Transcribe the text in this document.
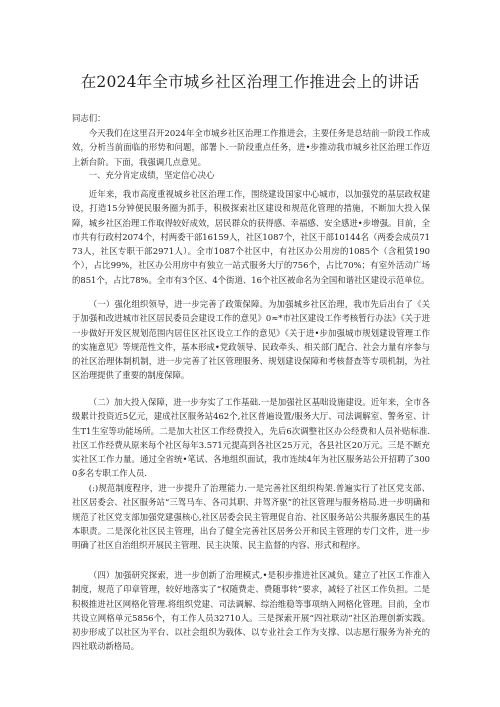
在2024年全市城乡社区治理工作推进会上的讲话
同志们：

今天我们在这里召开2024年全市城乡社区治理工作推进会，主要任务是总结前一阶段工作成效，分析当前面临的形势和问题，部署卜.一阶段重点任务，进•步推动我市城乡社区治理工作迈上新台阶。下面，我强调几点意见。

一、充分肯定成绩，坚定信心决心

近年来，我市高度重视城乡社区治理工作，围绕建设国家中心城市，以加强党的基层政权建设，打造15分钟便民服务圈为抓手，积极探索社区建设和规范化管理的措施，不断加大投入保障，城乡社区治理工作取得较好成效，居民群众的获得感、幸福感、安全感进•步增强。目前，全市共有行政村2074个，村两委干部16159人，社区1087个，社区干部10144名（两委会成员7173人，社区专职干部2971人）。全市1087个社区中，有社区办公用房的1085个（含租赁190个），占比99%，社区办公用房中有独立一站式服务大厅的756个，占比70%；有室外活动广场的851个，占比78%。全市有3个区、4个街道、16个社区被命名为全国和谐社区建设示范单位。

（一）强化组织领导，进一步完善了政策保障。为加强城乡社区治理，我市先后出台了《关于加强和改进城市社区居民委员会建设工作的意见》0≈*市社区建设工作考核暂行办法》《关于进一步做好开发区规划范围内居住区社区设立工作的意见》《关于进•步加强城市规划建设管理工作的实施意见》等规范性文件，基本形成•党政领导、民政牵头、相关部门配合、社会力量有序参与的社区治理体制机制，进一步完善了社区管理服务、规划建设保障和考核督查等专项机制，为社区治理提供了重要的制度保障。

（二）加大投入保障，进一步夯实了工作基础.一是加强社区基咄设施建设。近年来，全市各级累计投资近5亿元，建成社区服务站462个,社区普遍设置/服务大厅、司法调解室、警务室、计生T1生室等功能场所。二是加大社区工作经费投入，先后6次调整社区办公经费和人员补贴标准.社区工作经费从原来每个社区每年3.571元提高到各社区25万元，各县社区20万元。三是不断充实社区工作力量。通过全省统•笔试、各地组织面试，我市连续4年为社区服务站公开招聘了3000多名专职工作人员.

(:)规范制度程序，进一步提升了治理能力.一是完善社区组织构架.普遍实行了社区党支部、社区居委会、社区服务站“三驾马车、各司其职、并驾齐驱”的社区管理与服务格局.进一步明确和规范了社区党支部加强党建强核心,社区居委会民主管理促自治、社区服务站公共服务惠民生的基本职责。二是深化社区民主管理，出台了健全完善社区居务公开和民主管理的专门文件，进一步明确了社区自治组织开展民主管理、民主决策、民主监督的内容、形式和程序。

（四）加强研究探索，进一步创新了治理模式,•是积步推进社区减负。建立了社区工作准入制度，规范了印章管理，较好地落实了“权随费走、费随事转”要求，减轻了社区工作负担。二是积极推进社区网格化管理.将组织党建、司法调解、综治维稳等事项纳入网格化管理。目前，全市共设立网格单元5856个，有工作人员32710人。三是探索开展“四社联动”社区治理创新实践。初步形成了以社区为平台、以社会组织为载体、以专业社会工作为支撑、以志愿行服务为补充的四社联动新格局。
